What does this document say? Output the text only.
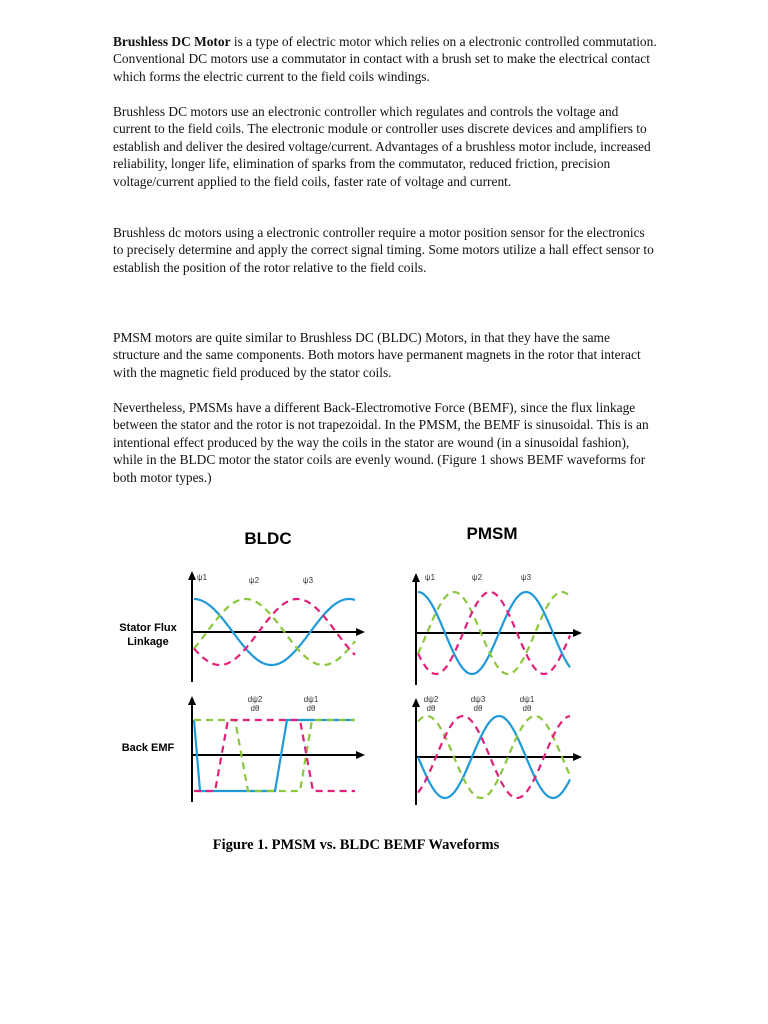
Brushless DC Motor is a type of electric motor which relies on a electronic controlled commutation. Conventional DC motors use a commutator in contact with a brush set to make the electrical contact which forms the electric current to the field coils windings.

Brushless DC motors use an electronic controller which regulates and controls the voltage and current to the field coils. The electronic module or controller uses discrete devices and amplifiers to establish and deliver the desired voltage/current. Advantages of a brushless motor include, increased reliability, longer life, elimination of sparks from the commutator, reduced friction, precision voltage/current applied to the field coils, faster rate of voltage and current.

Brushless dc motors using a electronic controller require a motor position sensor for the electronics to precisely determine and apply the correct signal timing. Some motors utilize a hall effect sensor to establish the position of the rotor relative to the field coils.

PMSM motors are quite similar to Brushless DC (BLDC) Motors, in that they have the same structure and the same components. Both motors have permanent magnets in the rotor that interact with the magnetic field produced by the stator coils.

Nevertheless, PMSMs have a different Back-Electromotive Force (BEMF), since the flux linkage between the stator and the rotor is not trapezoidal. In the PMSM, the BEMF is sinusoidal. This is an intentional effect produced by the way the coils in the stator are wound (in a sinusoidal fashion), while in the BLDC motor the stator coils are evenly wound. (Figure 1 shows BEMF waveforms for both motor types.)

BLDC	PMSM
Stator Flux
Linkage
Back EMF
ψ1	ψ2	ψ3	ψ1	ψ2	ψ3
dψ2
dθ
dψ1
dθ
dψ2
dθ
dψ3
dθ
dψ1
dθ
Figure 1. PMSM vs. BLDC BEMF Waveforms
